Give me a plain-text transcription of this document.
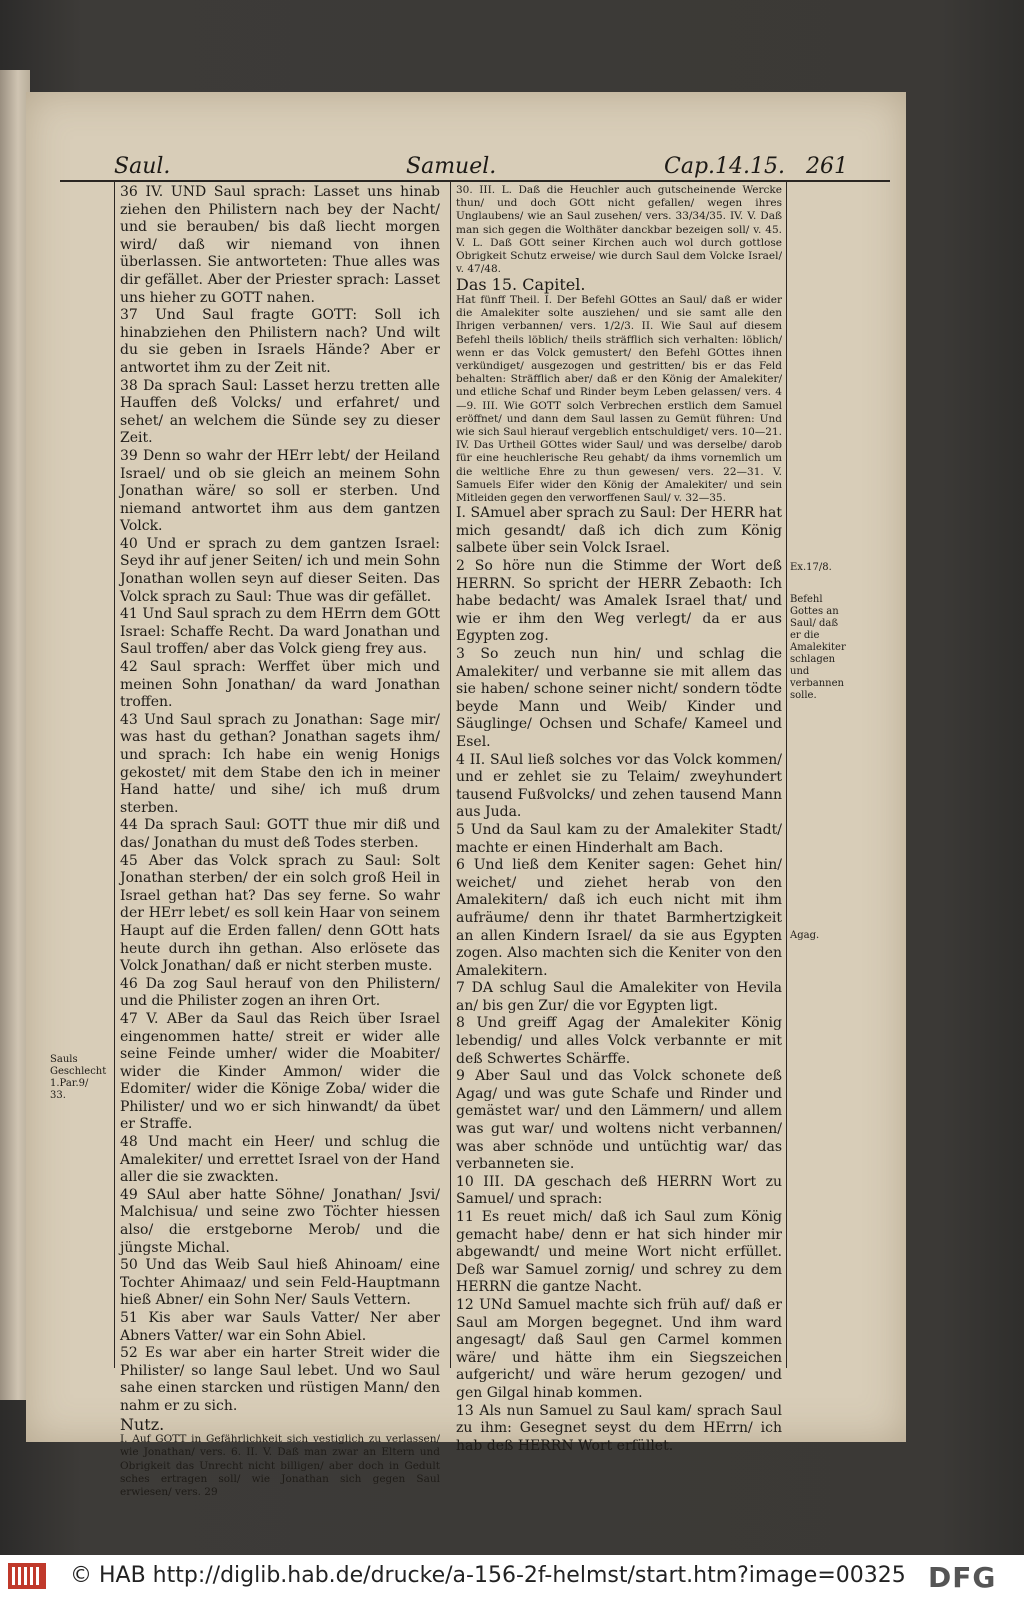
Saul.	Samuel.	Cap.14.15. 261

36 IV. UND Saul sprach: Lasset uns hinab ziehen den Philistern nach bey der Nacht/ und sie berauben/ bis daß liecht morgen wird/ daß wir niemand von ihnen überlassen. Sie antworteten: Thue alles was dir gefället. Aber der Priester sprach: Lasset uns hieher zu GOTT nahen.

37 Und Saul fragte GOTT: Soll ich hinabziehen den Philistern nach? Und wilt du sie geben in Israels Hände? Aber er antwortet ihm zu der Zeit nit.

38 Da sprach Saul: Lasset herzu tretten alle Hauffen deß Volcks/ und erfahret/ und sehet/ an welchem die Sünde sey zu dieser Zeit.

39 Denn so wahr der HErr lebt/ der Heiland Israel/ und ob sie gleich an meinem Sohn Jonathan wäre/ so soll er sterben. Und niemand antwortet ihm aus dem gantzen Volck.

40 Und er sprach zu dem gantzen Israel: Seyd ihr auf jener Seiten/ ich und mein Sohn Jonathan wollen seyn auf dieser Seiten. Das Volck sprach zu Saul: Thue was dir gefället.

41 Und Saul sprach zu dem HErrn dem GOtt Israel: Schaffe Recht. Da ward Jonathan und Saul troffen/ aber das Volck gieng frey aus.

42 Saul sprach: Werffet über mich und meinen Sohn Jonathan/ da ward Jonathan troffen.

43 Und Saul sprach zu Jonathan: Sage mir/ was hast du gethan? Jonathan sagets ihm/ und sprach: Ich habe ein wenig Honigs gekostet/ mit dem Stabe den ich in meiner Hand hatte/ und sihe/ ich muß drum sterben.

44 Da sprach Saul: GOTT thue mir diß und das/ Jonathan du must deß Todes sterben.

45 Aber das Volck sprach zu Saul: Solt Jonathan sterben/ der ein solch groß Heil in Israel gethan hat? Das sey ferne. So wahr der HErr lebet/ es soll kein Haar von seinem Haupt auf die Erden fallen/ denn GOtt hats heute durch ihn gethan. Also erlösete das Volck Jonathan/ daß er nicht sterben muste.

46 Da zog Saul herauf von den Philistern/ und die Philister zogen an ihren Ort.

47 V. ABer da Saul das Reich über Israel eingenommen hatte/ streit er wider alle seine Feinde umher/ wider die Moabiter/ wider die Kinder Ammon/ wider die Edomiter/ wider die Könige Zoba/ wider die Philister/ und wo er sich hinwandt/ da übet er Straffe.

48 Und macht ein Heer/ und schlug die Amalekiter/ und errettet Israel von der Hand aller die sie zwackten.

49 SAul aber hatte Söhne/ Jonathan/ Jsvi/ Malchisua/ und seine zwo Töchter hiessen also/ die erstgeborne Merob/ und die jüngste Michal.

50 Und das Weib Saul hieß Ahinoam/ eine Tochter Ahimaaz/ und sein Feld-Hauptmann hieß Abner/ ein Sohn Ner/ Sauls Vettern.

51 Kis aber war Sauls Vatter/ Ner aber Abners Vatter/ war ein Sohn Abiel.

52 Es war aber ein harter Streit wider die Philister/ so lange Saul lebet. Und wo Saul sahe einen starcken und rüstigen Mann/ den nahm er zu sich.

Nutz.

I. Auf GOTT in Gefährlichkeit sich vestiglich zu verlassen/ wie Jonathan/ vers. 6. II. V. Daß man zwar an Eltern und Obrigkeit das Unrecht nicht billigen/ aber doch in Gedult sches ertragen soll/ wie Jonathan sich gegen Saul erwiesen/ vers. 29

30. III. L. Daß die Heuchler auch gutscheinende Wercke thun/ und doch GOtt nicht gefallen/ wegen ihres Unglaubens/ wie an Saul zusehen/ vers. 33/34/35. IV. V. Daß man sich gegen die Wolthäter danckbar bezeigen soll/ v. 45. V. L. Daß GOtt seiner Kirchen auch wol durch gottlose Obrigkeit Schutz erweise/ wie durch Saul dem Volcke Israel/ v. 47/48.

Das 15. Capitel.

Hat fünff Theil. I. Der Befehl GOttes an Saul/ daß er wider die Amalekiter solte ausziehen/ und sie samt alle den Ihrigen verbannen/ vers. 1/2/3. II. Wie Saul auf diesem Befehl theils löblich/ theils sträfflich sich verhalten: löblich/ wenn er das Volck gemustert/ den Befehl GOttes ihnen verkündiget/ ausgezogen und gestritten/ bis er das Feld behalten: Sträfflich aber/ daß er den König der Amalekiter/ und etliche Schaf und Rinder beym Leben gelassen/ vers. 4—9. III. Wie GOTT solch Verbrechen erstlich dem Samuel eröffnet/ und dann dem Saul lassen zu Gemüt führen: Und wie sich Saul hierauf vergeblich entschuldiget/ vers. 10—21. IV. Das Urtheil GOttes wider Saul/ und was derselbe/ darob für eine heuchlerische Reu gehabt/ da ihms vornemlich um die weltliche Ehre zu thun gewesen/ vers. 22—31. V. Samuels Eifer wider den König der Amalekiter/ und sein Mitleiden gegen den verworffenen Saul/ v. 32—35.

I. SAmuel aber sprach zu Saul: Der HERR hat mich gesandt/ daß ich dich zum König salbete über sein Volck Israel.

2 So höre nun die Stimme der Wort deß HERRN. So spricht der HERR Zebaoth: Ich habe bedacht/ was Amalek Israel that/ und wie er ihm den Weg verlegt/ da er aus Egypten zog.

3 So zeuch nun hin/ und schlag die Amalekiter/ und verbanne sie mit allem das sie haben/ schone seiner nicht/ sondern tödte beyde Mann und Weib/ Kinder und Säuglinge/ Ochsen und Schafe/ Kameel und Esel.

4 II. SAul ließ solches vor das Volck kommen/ und er zehlet sie zu Telaim/ zweyhundert tausend Fußvolcks/ und zehen tausend Mann aus Juda.

5 Und da Saul kam zu der Amalekiter Stadt/ machte er einen Hinderhalt am Bach.

6 Und ließ dem Keniter sagen: Gehet hin/ weichet/ und ziehet herab von den Amalekitern/ daß ich euch nicht mit ihm aufräume/ denn ihr thatet Barmhertzigkeit an allen Kindern Israel/ da sie aus Egypten zogen. Also machten sich die Keniter von den Amalekitern.

7 DA schlug Saul die Amalekiter von Hevila an/ bis gen Zur/ die vor Egypten ligt.

8 Und greiff Agag der Amalekiter König lebendig/ und alles Volck verbannte er mit deß Schwertes Schärffe.

9 Aber Saul und das Volck schonete deß Agag/ und was gute Schafe und Rinder und gemästet war/ und den Lämmern/ und allem was gut war/ und woltens nicht verbannen/ was aber schnöde und untüchtig war/ das verbanneten sie.

10 III. DA geschach deß HERRN Wort zu Samuel/ und sprach:

11 Es reuet mich/ daß ich Saul zum König gemacht habe/ denn er hat sich hinder mir abgewandt/ und meine Wort nicht erfüllet. Deß war Samuel zornig/ und schrey zu dem HERRN die gantze Nacht.

12 UNd Samuel machte sich früh auf/ daß er Saul am Morgen begegnet. Und ihm ward angesagt/ daß Saul gen Carmel kommen wäre/ und hätte ihm ein Siegszeichen aufgericht/ und wäre herum gezogen/ und gen Gilgal hinab kommen.

13 Als nun Samuel zu Saul kam/ sprach Saul zu ihm: Gesegnet seyst du dem HErrn/ ich hab deß HERRN Wort erfüllet.

Sauls Geschlecht 1.Par.9/ 33.
Ex.17/8.
Befehl Gottes an Saul/ daß er die Amalekiter schlagen und verbannen solle.
Agag.
© HAB http://diglib.hab.de/drucke/a-156-2f-helmst/start.htm?image=00325 DFG
